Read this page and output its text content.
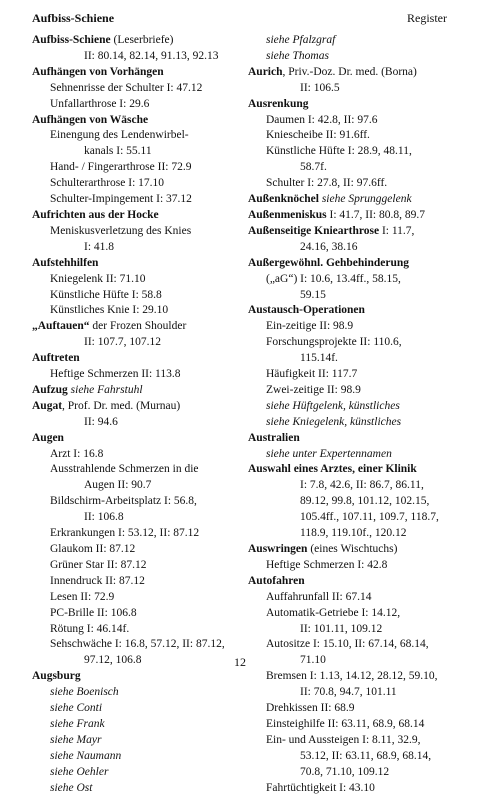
Aufbiss-Schiene	Register
Aufbiss-Schiene (Leserbriefe)
II: 80.14, 82.14, 91.13, 92.13
Aufhängen von Vorhängen
Sehnenrisse der Schulter I: 47.12
Unfallarthrose I: 29.6
Aufhängen von Wäsche
Einengung des Lendenwirbel-
kanals I: 55.11
Hand- / Fingerarthrose II: 72.9
Schulterarthrose I: 17.10
Schulter-Impingement I: 37.12
Aufrichten aus der Hocke
Meniskusverletzung des Knies
I: 41.8
Aufstehhilfen
Kniegelenk II: 71.10
Künstliche Hüfte I: 58.8
Künstliches Knie I: 29.10
„Auftauen“ der Frozen Shoulder
II: 107.7, 107.12
Auftreten
Heftige Schmerzen II: 113.8
Aufzug siehe Fahrstuhl
Augat, Prof. Dr. med. (Murnau)
II: 94.6
Augen
Arzt I: 16.8
Ausstrahlende Schmerzen in die
Augen II: 90.7
Bildschirm-Arbeitsplatz I: 56.8,
II: 106.8
Erkrankungen I: 53.12, II: 87.12
Glaukom II: 87.12
Grüner Star II: 87.12
Innendruck II: 87.12
Lesen II: 72.9
PC-Brille II: 106.8
Rötung I: 46.14f.
Sehschwäche I: 16.8, 57.12, II: 87.12,
97.12, 106.8
Augsburg
siehe Boenisch
siehe Conti
siehe Frank
siehe Mayr
siehe Naumann
siehe Oehler
siehe Ost
siehe Pfalzgraf
siehe Thomas
Aurich, Priv.-Doz. Dr. med. (Borna)
II: 106.5
Ausrenkung
Daumen I: 42.8, II: 97.6
Kniescheibe II: 91.6ff.
Künstliche Hüfte I: 28.9, 48.11,
58.7f.
Schulter I: 27.8, II: 97.6ff.
Außenknöchel siehe Sprunggelenk
Außenmeniskus I: 41.7, II: 80.8, 89.7
Außenseitige Kniearthrose I: 11.7,
24.16, 38.16
Außergewöhnl. Gehbehinderung
(„aG“) I: 10.6, 13.4ff., 58.15,
59.15
Austausch-Operationen
Ein-zeitige II: 98.9
Forschungsprojekte II: 110.6,
115.14f.
Häufigkeit II: 117.7
Zwei-zeitige II: 98.9
siehe Hüftgelenk, künstliches
siehe Kniegelenk, künstliches
Australien
siehe unter Expertennamen
Auswahl eines Arztes, einer Klinik
I: 7.8, 42.6, II: 86.7, 86.11,
89.12, 99.8, 101.12, 102.15,
105.4ff., 107.11, 109.7, 118.7,
118.9, 119.10f., 120.12
Auswringen (eines Wischtuchs)
Heftige Schmerzen I: 42.8
Autofahren
Auffahrunfall II: 67.14
Automatik-Getriebe I: 14.12,
II: 101.11, 109.12
Autositze I: 15.10, II: 67.14, 68.14,
71.10
Bremsen I: 1.13, 14.12, 28.12, 59.10,
II: 70.8, 94.7, 101.11
Drehkissen II: 68.9
Einsteighilfe II: 63.11, 68.9, 68.14
Ein- und Aussteigen I: 8.11, 32.9,
53.12, II: 63.11, 68.9, 68.14,
70.8, 71.10, 109.12
Fahrtüchtigkeit I: 43.10
12
